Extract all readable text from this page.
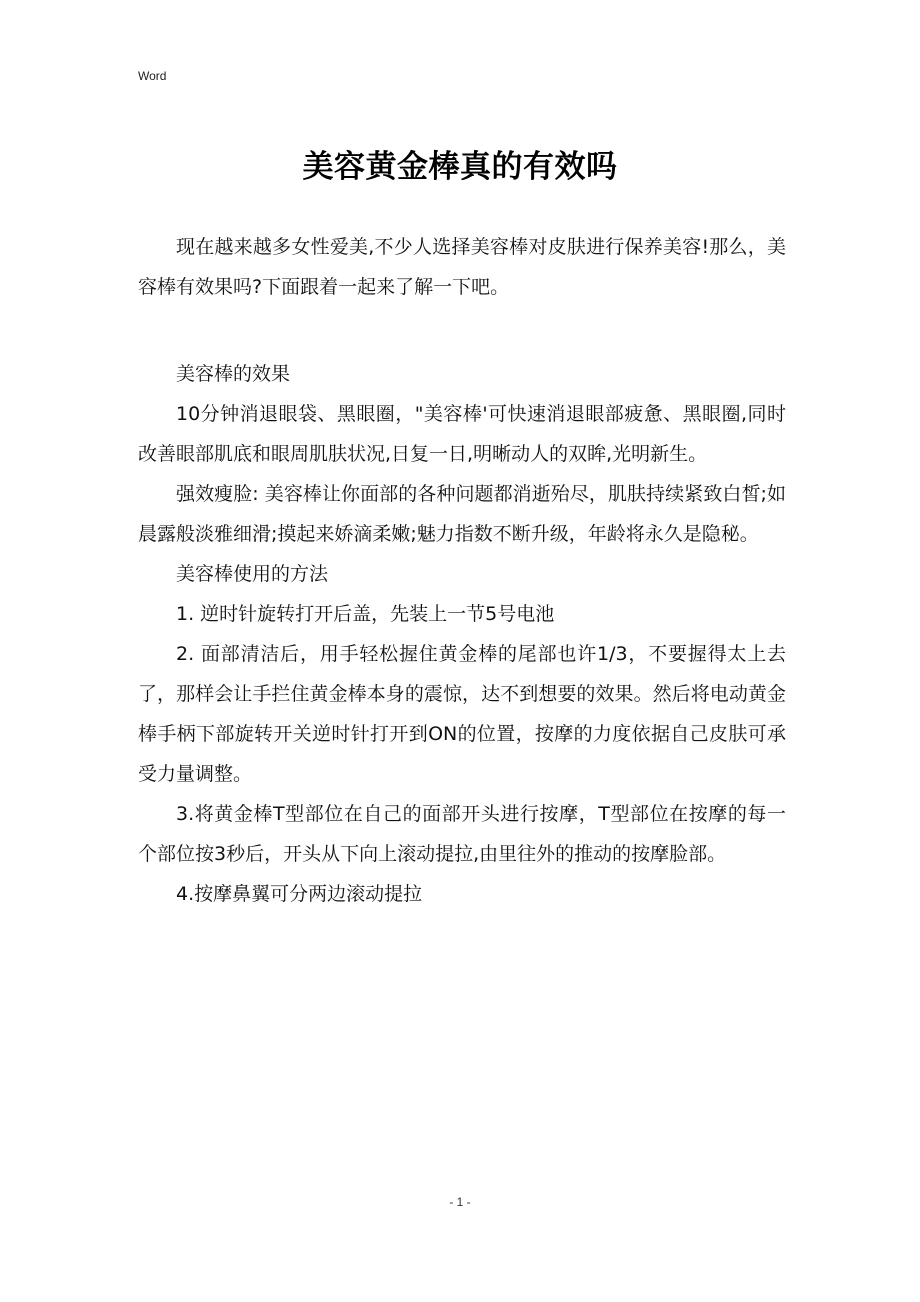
Word
美容黄金棒真的有效吗

现在越来越多女性爱美,不少人选择美容棒对皮肤进行保养美容!那么，美容棒有效果吗?下面跟着一起来了解一下吧。

美容棒的效果

10分钟消退眼袋、黑眼圈，"美容棒'可快速消退眼部疲惫、黑眼圈,同时改善眼部肌底和眼周肌肤状况,日复一日,明晰动人的双眸,光明新生。

强效瘦脸: 美容棒让你面部的各种问题都消逝殆尽，肌肤持续紧致白皙;如晨露般淡雅细滑;摸起来娇滴柔嫩;魅力指数不断升级，年龄将永久是隐秘。

美容棒使用的方法

1. 逆时针旋转打开后盖，先装上一节5号电池

2. 面部清洁后，用手轻松握住黄金棒的尾部也许1/3，不要握得太上去了，那样会让手拦住黄金棒本身的震惊，达不到想要的效果。然后将电动黄金棒手柄下部旋转开关逆时针打开到ON的位置，按摩的力度依据自己皮肤可承受力量调整。

3.将黄金棒T型部位在自己的面部开头进行按摩，T型部位在按摩的每一个部位按3秒后，开头从下向上滚动提拉,由里往外的推动的按摩脸部。

4.按摩鼻翼可分两边滚动提拉

- 1 -
